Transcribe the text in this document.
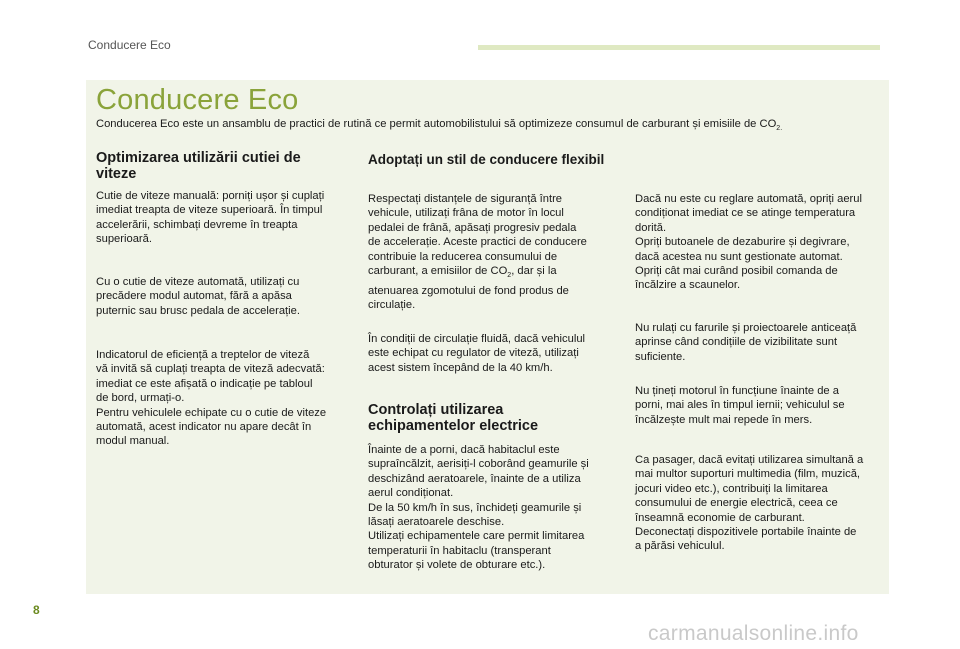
Conducere Eco
Conducere Eco

Conducerea Eco este un ansamblu de practici de rutină ce permit automobilistului să optimizeze consumul de carburant și emisiile de $CO_{2.}$

Optimizarea utilizării cutiei de
viteze

Cutie de viteze manuală: porniți ușor și cuplați
imediat treapta de viteze superioară. În timpul
accelerării, schimbați devreme în treapta
superioară.

Cu o cutie de viteze automată, utilizați cu
precădere modul automat, fără a apăsa
puternic sau brusc pedala de accelerație.

Indicatorul de eficiență a treptelor de viteză
vă invită să cuplați treapta de viteză adecvată:
imediat ce este afișată o indicație pe tabloul
de bord, urmați-o.
Pentru vehiculele echipate cu o cutie de viteze
automată, acest indicator nu apare decât în
modul manual.

Adoptați un stil de conducere flexibil

Respectați distanțele de siguranță între
vehicule, utilizați frâna de motor în locul
pedalei de frână, apăsați progresiv pedala
de accelerație. Aceste practici de conducere
contribuie la reducerea consumului de
carburant, a emisiilor de $CO_2$, dar și la
atenuarea zgomotului de fond produs de
circulație.

În condiții de circulație fluidă, dacă vehiculul
este echipat cu regulator de viteză, utilizați
acest sistem începând de la 40 km/h.

Controlați utilizarea
echipamentelor electrice

Înainte de a porni, dacă habitaclul este
supraîncălzit, aerisiți-l coborând geamurile și
deschizând aeratoarele, înainte de a utiliza
aerul condiționat.
De la 50 km/h în sus, închideți geamurile și
lăsați aeratoarele deschise.
Utilizați echipamentele care permit limitarea
temperaturii în habitaclu (transperant
obturator și volete de obturare etc.).

Dacă nu este cu reglare automată, opriți aerul
condiționat imediat ce se atinge temperatura
dorită.
Opriți butoanele de dezaburire și degivrare,
dacă acestea nu sunt gestionate automat.
Opriți cât mai curând posibil comanda de
încălzire a scaunelor.

Nu rulați cu farurile și proiectoarele anticeață
aprinse când condițiile de vizibilitate sunt
suficiente.

Nu țineți motorul în funcțiune înainte de a
porni, mai ales în timpul iernii; vehiculul se
încălzește mult mai repede în mers.

Ca pasager, dacă evitați utilizarea simultană a
mai multor suporturi multimedia (film, muzică,
jocuri video etc.), contribuiți la limitarea
consumului de energie electrică, ceea ce
înseamnă economie de carburant.
Deconectați dispozitivele portabile înainte de
a părăsi vehiculul.

8
carmanualsonline.info
